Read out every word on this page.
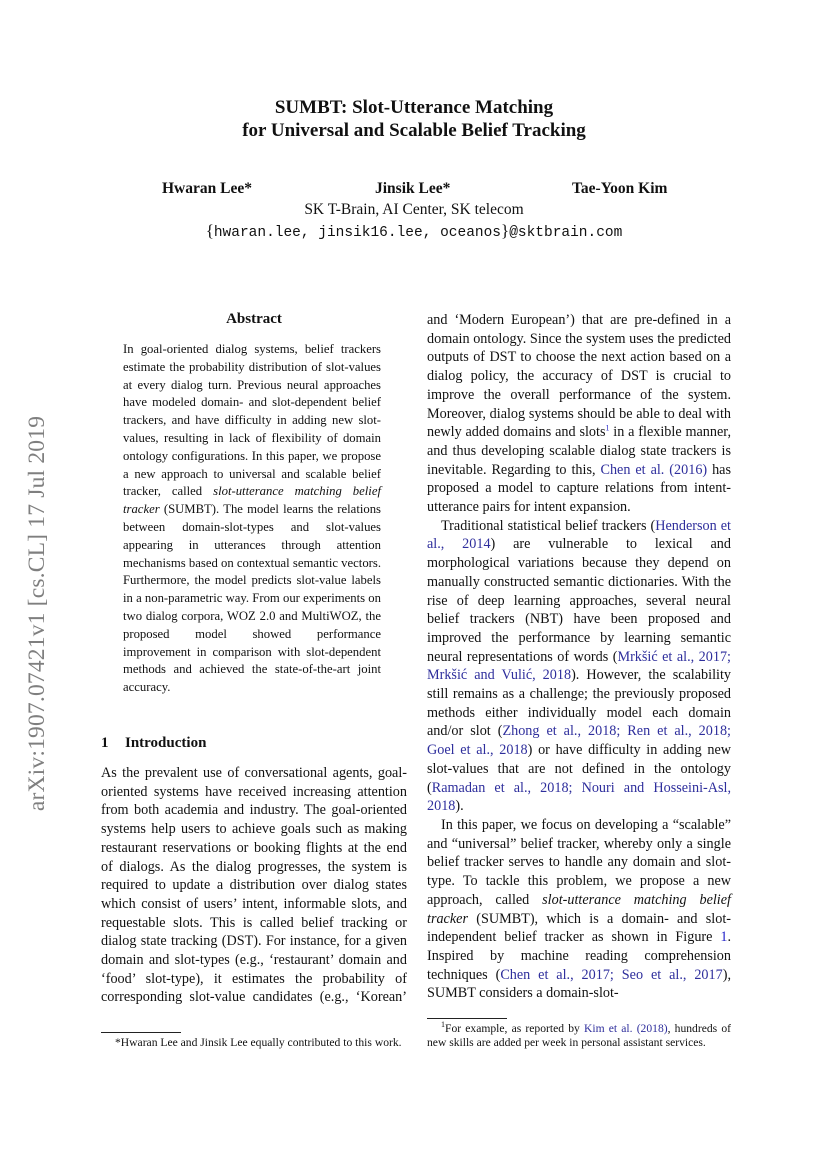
arXiv:1907.07421v1 [cs.CL] 17 Jul 2019
SUMBT: Slot-Utterance Matching
for Universal and Scalable Belief Tracking
Hwaran Lee*	Jinsik Lee*	Tae-Yoon Kim
SK T-Brain, AI Center, SK telecom
{hwaran.lee, jinsik16.lee, oceanos}@sktbrain.com
Abstract
In goal-oriented dialog systems, belief trackers estimate the probability distribution of slot-values at every dialog turn. Previous neural approaches have modeled domain- and slot-dependent belief trackers, and have difficulty in adding new slot-values, resulting in lack of flexibility of domain ontology configurations. In this paper, we propose a new approach to universal and scalable belief tracker, called slot-utterance matching belief tracker (SUMBT). The model learns the relations between domain-slot-types and slot-values appearing in utterances through attention mechanisms based on contextual semantic vectors. Furthermore, the model predicts slot-value labels in a non-parametric way. From our experiments on two dialog corpora, WOZ 2.0 and MultiWOZ, the proposed model showed performance improvement in comparison with slot-dependent methods and achieved the state-of-the-art joint accuracy.
1 Introduction

As the prevalent use of conversational agents, goal-oriented systems have received increasing attention from both academia and industry. The goal-oriented systems help users to achieve goals such as making restaurant reservations or booking flights at the end of dialogs. As the dialog progresses, the system is required to update a distribution over dialog states which consist of users’ intent, informable slots, and requestable slots. This is called belief tracking or dialog state tracking (DST). For instance, for a given domain and slot-types (e.g., ‘restaurant’ domain and ‘food’ slot-type), it estimates the probability of corresponding slot-value candidates (e.g., ‘Korean’

*Hwaran Lee and Jinsik Lee equally contributed to this work.

and ‘Modern European’) that are pre-defined in a domain ontology. Since the system uses the predicted outputs of DST to choose the next action based on a dialog policy, the accuracy of DST is crucial to improve the overall performance of the system. Moreover, dialog systems should be able to deal with newly added domains and slots$^1$ in a flexible manner, and thus developing scalable dialog state trackers is inevitable. Regarding to this, Chen et al. (2016) has proposed a model to capture relations from intent-utterance pairs for intent expansion.

Traditional statistical belief trackers (Henderson et al., 2014) are vulnerable to lexical and morphological variations because they depend on manually constructed semantic dictionaries. With the rise of deep learning approaches, several neural belief trackers (NBT) have been proposed and improved the performance by learning semantic neural representations of words (Mrkšić et al., 2017; Mrkšić and Vulić, 2018). However, the scalability still remains as a challenge; the previously proposed methods either individually model each domain and/or slot (Zhong et al., 2018; Ren et al., 2018; Goel et al., 2018) or have difficulty in adding new slot-values that are not defined in the ontology (Ramadan et al., 2018; Nouri and Hosseini-Asl, 2018).

In this paper, we focus on developing a “scalable” and “universal” belief tracker, whereby only a single belief tracker serves to handle any domain and slot-type. To tackle this problem, we propose a new approach, called slot-utterance matching belief tracker (SUMBT), which is a domain- and slot-independent belief tracker as shown in Figure 1. Inspired by machine reading comprehension techniques (Chen et al., 2017; Seo et al., 2017), SUMBT considers a domain-slot-

$^1$For example, as reported by Kim et al. (2018), hundreds of new skills are added per week in personal assistant services.
